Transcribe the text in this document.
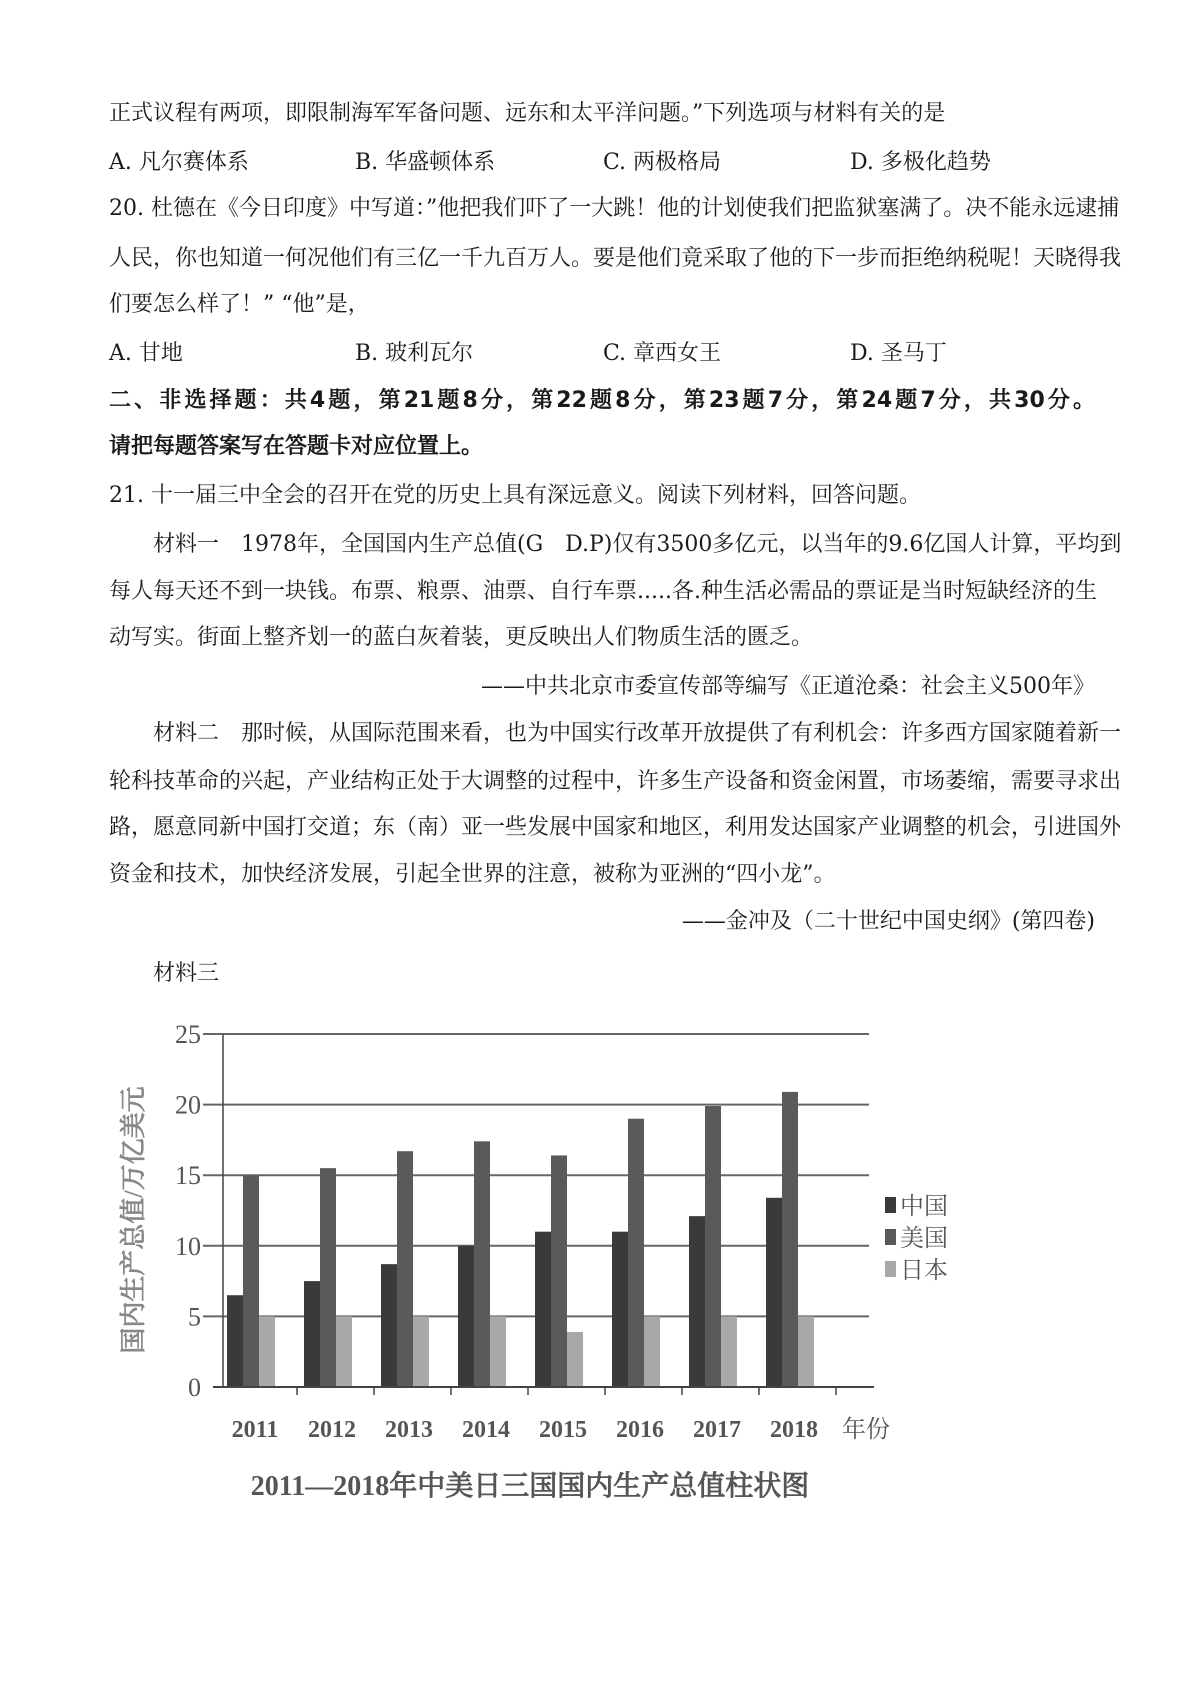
正式议程有两项，即限制海军军备问题、远东和太平洋问题。”下列选项与材料有关的是
A. 凡尔赛体系	B. 华盛顿体系	C. 两极格局	D. 多极化趋势
20. 杜德在《今日印度》中写道：”他把我们吓了一大跳！他的计划使我们把监狱塞满了。决不能永远逮捕
人民，你也知道一何况他们有三亿一千九百万人。要是他们竟采取了他的下一步而拒绝纳税呢！天晓得我
们要怎么样了！” “他”是，
A. 甘地	B. 玻利瓦尔	C. 章西女王	D. 圣马丁
二、非选择题：共4题，第21题8分，第22题8分，第23题7分，第24题7分，共30分。
请把每题答案写在答题卡对应位置上。
21. 十一届三中全会的召开在党的历史上具有深远意义。阅读下列材料，回答问题。
材料一　1978年，全国国内生产总值(G　D.P)仅有3500多亿元，以当年的9.6亿国人计算，平均到
每人每天还不到一块钱。布票、粮票、油票、自行车票.....各.种生活必需品的票证是当时短缺经济的生
动写实。街面上整齐划一的蓝白灰着装，更反映出人们物质生活的匮乏。
——中共北京市委宣传部等编写《正道沧桑：社会主义500年》
材料二　那时候，从国际范围来看，也为中国实行改革开放提供了有利机会：许多西方国家随着新一
轮科技革命的兴起，产业结构正处于大调整的过程中，许多生产设备和资金闲置，市场萎缩，需要寻求出
路，愿意同新中国打交道；东（南）亚一些发展中国家和地区，利用发达国家产业调整的机会，引进国外
资金和技术，加快经济发展，引起全世界的注意，被称为亚洲的“四小龙”。
——金冲及（二十世纪中国史纲》(第四卷)
材料三
0
5
10
15
20
25
2011 2012 2013 2014 2015 2016 2017 2018
国内生产总值/万亿美元
年份
2011—2018年中美日三国国内生产总值柱状图
中国
美国
日本
